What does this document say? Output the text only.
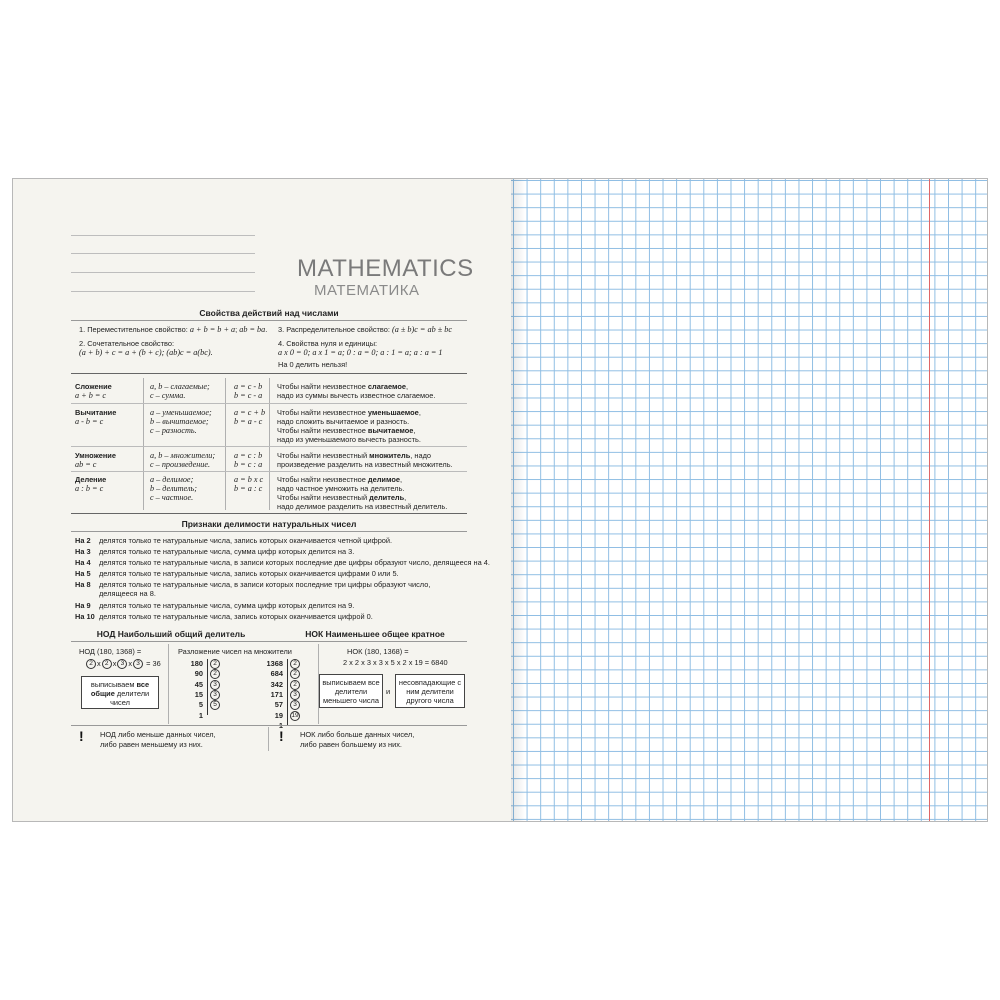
MATHEMATICS
МАТЕМАТИКА
Свойства действий над числами
1. Переместительное свойство: a + b = b + a; ab = ba.
2. Сочетательное свойство:
(a + b) + c = a + (b + c); (ab)c = a(bc).
3. Распределительное свойство: (a ± b)c = ab ± bc
4. Свойства нуля и единицы:
a x 0 = 0; a x 1 = a; 0 : a = 0; a : 1 = a; a : a = 1
На 0 делить нельзя!
Сложение
a + b = c
a, b – слагаемые;
c – сумма.
a = c - b
b = c - a
Чтобы найти неизвестное слагаемое,
надо из суммы вычесть известное слагаемое.
Вычитание
a - b = c
a – уменьшаемое;
b – вычитаемое;
c – разность.
a = c + b
b = a - c
Чтобы найти неизвестное уменьшаемое,
надо сложить вычитаемое и разность.
Чтобы найти неизвестное вычитаемое,
надо из уменьшаемого вычесть разность.
Умножение
ab = c
a, b – множители;
c – произведение.
a = c : b
b = c : a
Чтобы найти неизвестный множитель, надо
произведение разделить на известный множитель.
Деление
a : b = c
a – делимое;
b – делитель;
c – частное.
a = b x c
b = a : c
Чтобы найти неизвестное делимое,
надо частное умножить на делитель.
Чтобы найти неизвестный делитель,
надо делимое разделить на известный делитель.
Признаки делимости натуральных чисел
На 2 делятся только те натуральные числа, запись которых оканчивается четной цифрой.
На 3 делятся только те натуральные числа, сумма цифр которых делится на 3.
На 4 делятся только те натуральные числа, в записи которых последние две цифры образуют число, делящееся на 4.
На 5 делятся только те натуральные числа, запись которых оканчивается цифрами 0 или 5.
На 8 делятся только те натуральные числа, в записи которых последние три цифры образуют число,
делящееся на 8.
На 9 делятся только те натуральные числа, сумма цифр которых делится на 9.
На 10 делятся только те натуральные числа, запись которых оканчивается цифрой 0.
НОД Наибольший общий делитель	НОК Наименьшее общее кратное
НОД (180, 1368) =
2 x 2 x 3 x 3 = 36
выписываем все
общие делители
чисел
Разложение чисел на множители
180
90
45
15
5
1
2
2
3
3
5
1368
684
342
171
57
19
2
2
2
3
3
19
НОК (180, 1368) =
2 x 2 x 3 x 3 x 5 x 2 x 19 = 6840
выписываем все делители меньшего числа
и
несовпадающие с ним делители другого числа
! НОД либо меньше данных чисел,
либо равен меньшему из них.
! НОК либо больше данных чисел,
либо равен большему из них.
